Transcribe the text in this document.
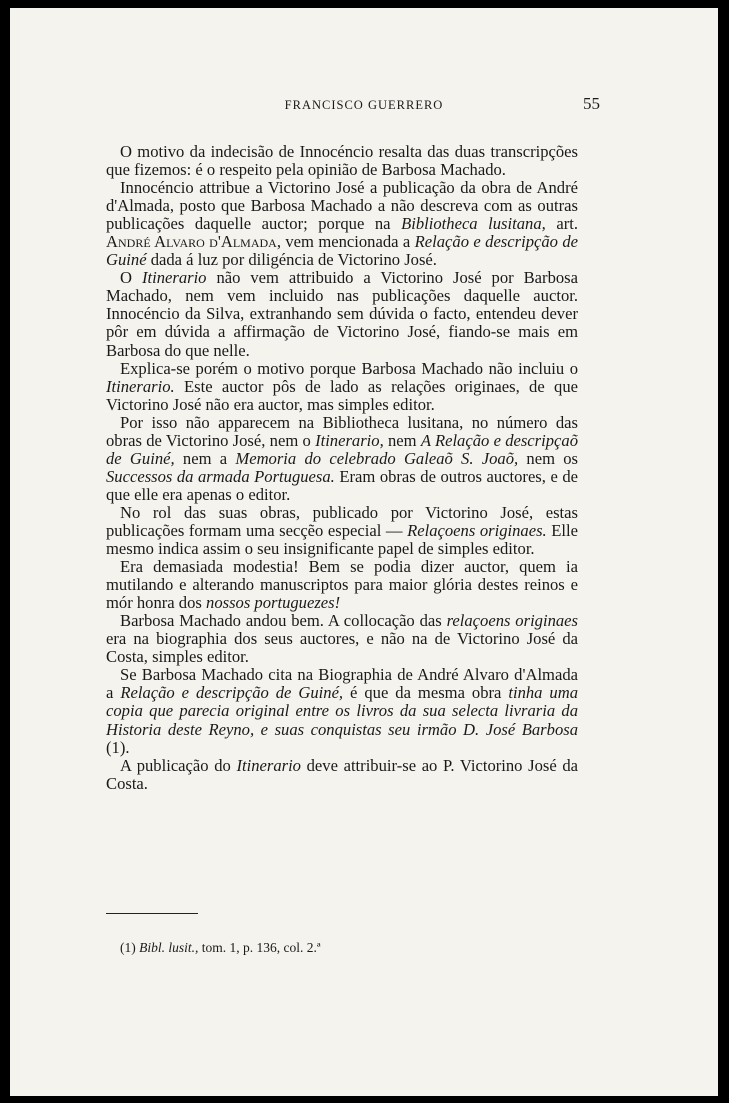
FRANCISCO GUERRERO	55

O motivo da indecisão de Innocéncio resalta das duas transcripções que fizemos: é o respeito pela opinião de Barbosa Machado.

Innocéncio attribue a Victorino José a publicação da obra de André d'Almada, posto que Barbosa Machado a não descreva com as outras publicações daquelle auctor; porque na Bibliotheca lusitana, art. André Alvaro d'Almada, vem mencionada a Relação e descripção de Guiné dada á luz por diligéncia de Victorino José.

O Itinerario não vem attribuido a Victorino José por Barbosa Machado, nem vem incluido nas publicações daquelle auctor. Innocéncio da Silva, extranhando sem dúvida o facto, entendeu dever pôr em dúvida a affirmação de Victorino José, fiando-se mais em Barbosa do que nelle.

Explica-se porém o motivo porque Barbosa Machado não incluiu o Itinerario. Este auctor pôs de lado as relações originaes, de que Victorino José não era auctor, mas simples editor.

Por isso não apparecem na Bibliotheca lusitana, no número das obras de Victorino José, nem o Itinerario, nem A Relação e descripçaõ de Guiné, nem a Memoria do celebrado Galeaõ S. Joaõ, nem os Successos da armada Portuguesa. Eram obras de outros auctores, e de que elle era apenas o editor.

No rol das suas obras, publicado por Victorino José, estas publicações formam uma secçẽo especial — Relaçoens originaes. Elle mesmo indica assim o seu insignificante papel de simples editor.

Era demasiada modestia! Bem se podia dizer auctor, quem ia mutilando e alterando manuscriptos para maior glória destes reinos e mór honra dos nossos portuguezes!

Barbosa Machado andou bem. A collocação das relaçoens originaes era na biographia dos seus auctores, e não na de Victorino José da Costa, simples editor.

Se Barbosa Machado cita na Biographia de André Alvaro d'Almada a Relação e descripção de Guiné, é que da mesma obra tinha uma copia que parecia original entre os livros da sua selecta livraria da Historia deste Reyno, e suas conquistas seu irmão D. José Barbosa (1).

A publicação do Itinerario deve attribuir-se ao P. Victorino José da Costa.

(1) Bibl. lusit., tom. 1, p. 136, col. 2.ª
